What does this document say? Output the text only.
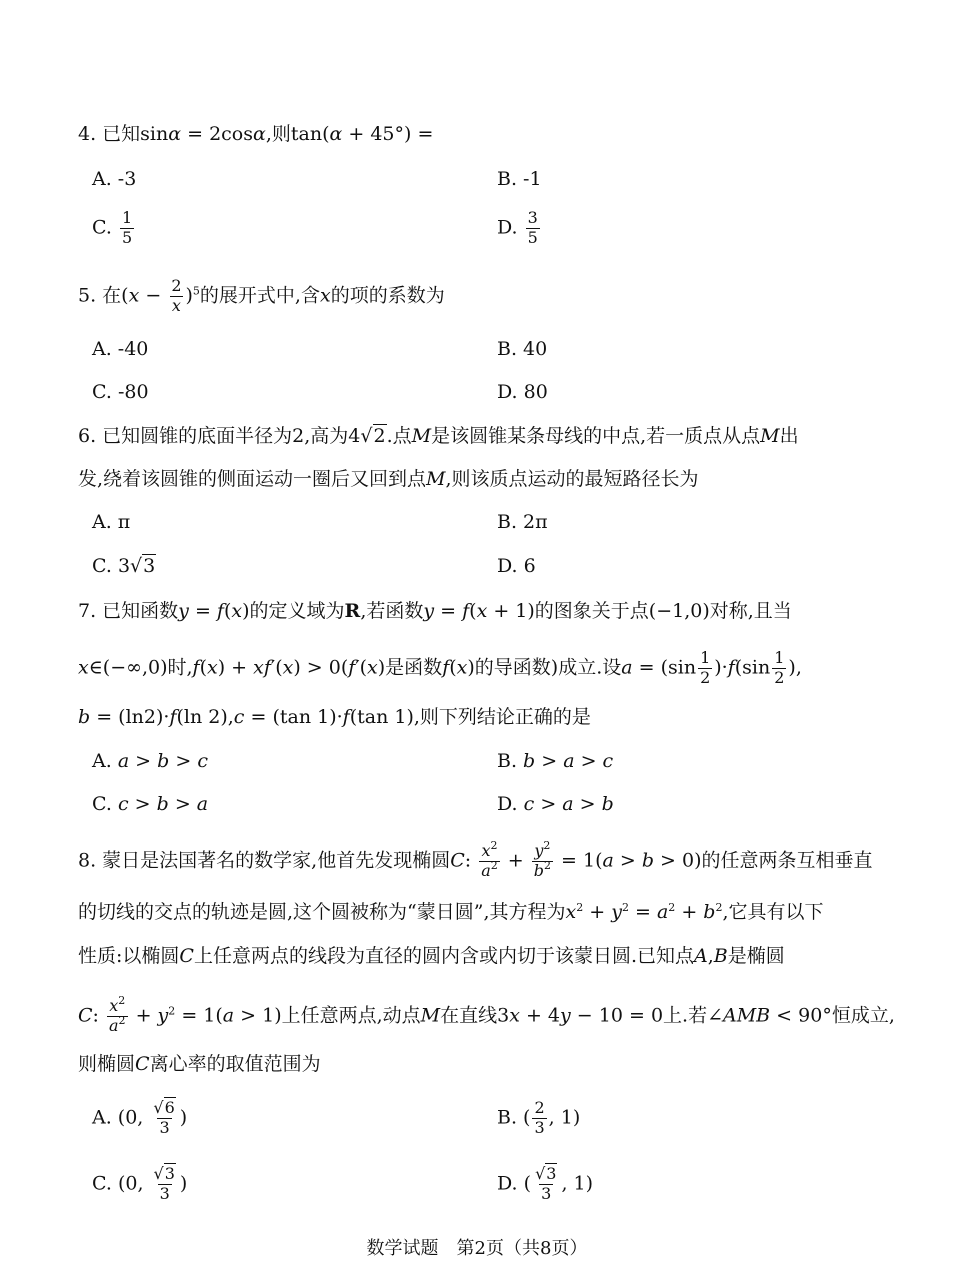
4. 已知sinα = 2cosα,则tan(α + 45°) =
A. -3	B. -1
C. $\frac{1}{5}$	D. $\frac{3}{5}$
5. 在$(x - \frac{2}{x} )^5$的展开式中,含x的项的系数为
A. -40	B. 40
C. -80	D. 80
6. 已知圆锥的底面半径为2,高为4√2.点M是该圆锥某条母线的中点,若一质点从点M出
发,绕着该圆锥的侧面运动一圈后又回到点M,则该质点运动的最短路径长为
A. π	B. 2π
C. 3√3	D. 6
7. 已知函数y = f(x)的定义域为R,若函数y = f(x + 1)的图象关于点(−1,0)对称,且当
x∈(−∞,0)时,f(x) + xf′(x) > 0(f′(x)是函数f(x)的导函数)成立.设$a = (\sin \frac{1}{2} )\cdot f(\sin \frac{1}{2}$ ),
b = (ln2)·f(ln 2),c = (tan 1)·f(tan 1),则下列结论正确的是
A. a > b > c	B. b > a > c
C. c > b > a	D. c > a > b
8. 蒙日是法国著名的数学家,他首先发现椭圆C: $\frac{x^2}{a^2} + \frac{y^2}{b^2} = 1(a > b > 0)$的任意两条互相垂直
的切线的交点的轨迹是圆,这个圆被称为“蒙日圆”,其方程为$x^2 + y^2 = a^2 + b^2$,它具有以下
性质:以椭圆C上任意两点的线段为直径的圆内含或内切于该蒙日圆.已知点A,B是椭圆
C: $\frac{x^2}{a^2} + y^2 = 1(a > 1)$上任意两点,动点M在直线3x + 4y − 10 = 0上.若∠AMB < 90°恒成立,
则椭圆C离心率的取值范围为
A. (0, $\frac{√6}{3}$ )	B. ( $\frac{2}{3}$ , 1)
C. (0, $\frac{√3}{3}$ )	D. ( $\frac{√3}{3}$ , 1)
数学试题　第2页（共8页）
